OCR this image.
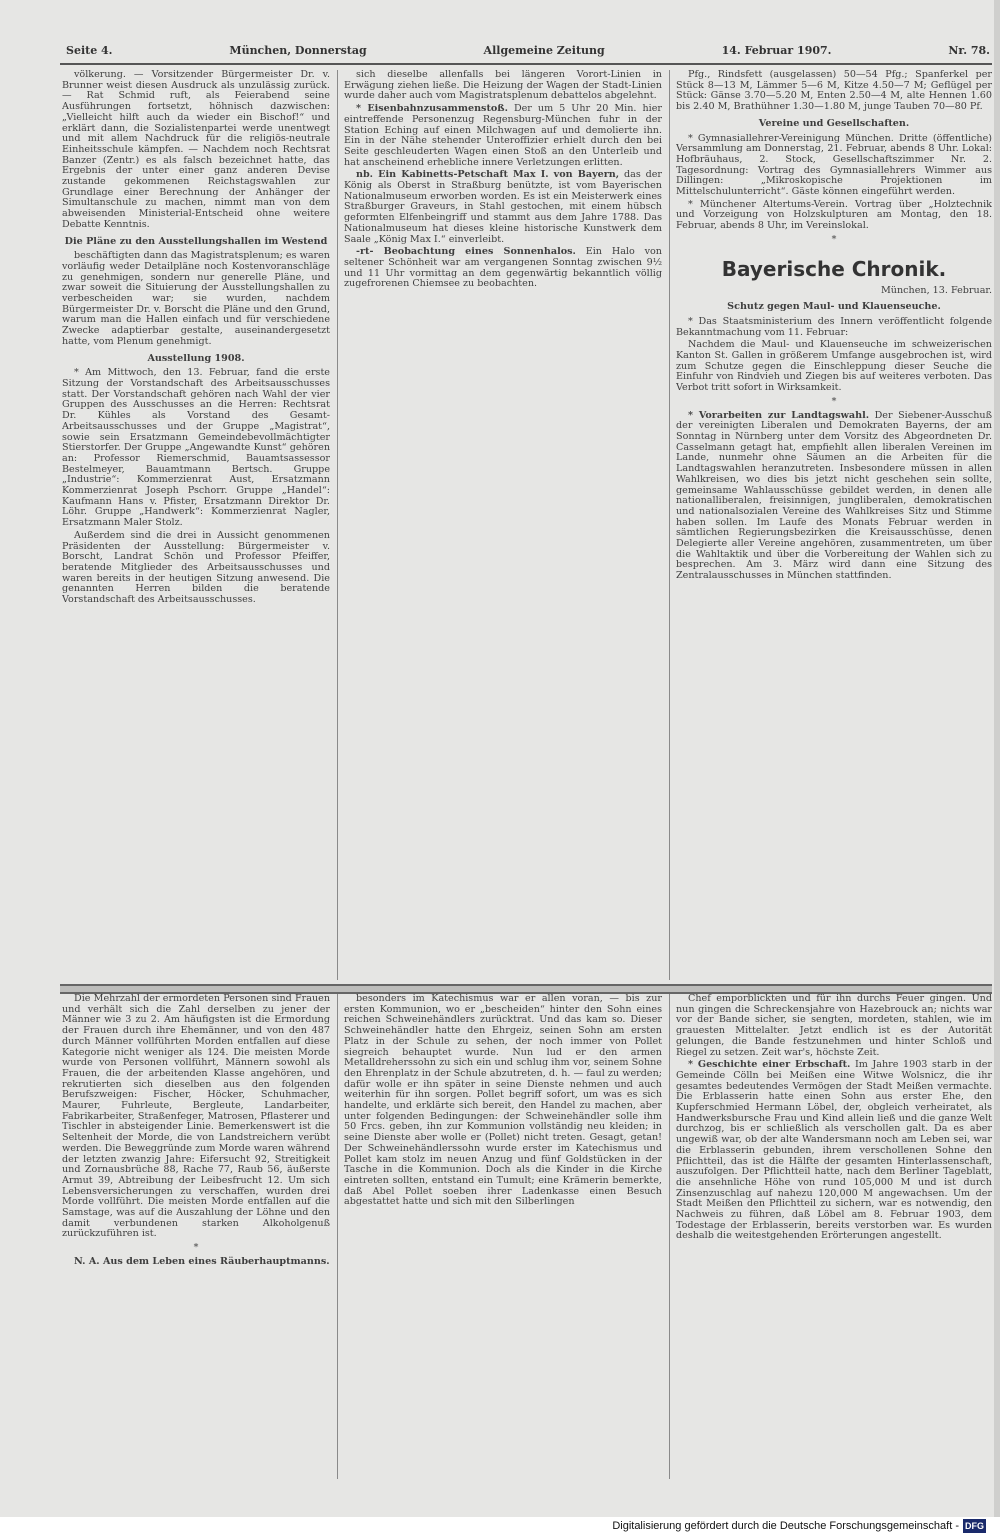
Seite 4.	München, Donnerstag	Allgemeine Zeitung	14. Februar 1907.	Nr. 78.

völkerung. — Vorsitzender Bürgermeister Dr. v. Brunner weist diesen Ausdruck als unzulässig zurück. — Rat Schmid ruft, als Feierabend seine Ausführungen fortsetzt, höhnisch dazwischen: „Vielleicht hilft auch da wieder ein Bischof!“ und erklärt dann, die Sozialistenpartei werde unentwegt und mit allem Nachdruck für die religiös-neutrale Einheitsschule kämpfen. — Nachdem noch Rechtsrat Banzer (Zentr.) es als falsch bezeichnet hatte, das Ergebnis der unter einer ganz anderen Devise zustande gekommenen Reichstagswahlen zur Grundlage einer Berechnung der Anhänger der Simultanschule zu machen, nimmt man von dem abweisenden Ministerial-Entscheid ohne weitere Debatte Kenntnis.

Die Pläne zu den Ausstellungshallen im Westend

beschäftigten dann das Magistratsplenum; es waren vorläufig weder Detailpläne noch Kostenvoranschläge zu genehmigen, sondern nur generelle Pläne, und zwar soweit die Situierung der Ausstellungshallen zu verbescheiden war; sie wurden, nachdem Bürgermeister Dr. v. Borscht die Pläne und den Grund, warum man die Hallen einfach und für verschiedene Zwecke adaptierbar gestalte, auseinandergesetzt hatte, vom Plenum genehmigt.

Ausstellung 1908.

* Am Mittwoch, den 13. Februar, fand die erste Sitzung der Vorstandschaft des Arbeitsausschusses statt. Der Vorstandschaft gehören nach Wahl der vier Gruppen des Ausschusses an die Herren: Rechtsrat Dr. Kühles als Vorstand des Gesamt-Arbeitsausschusses und der Gruppe „Magistrat“, sowie sein Ersatzmann Gemeindebevollmächtigter Stierstorfer. Der Gruppe „Angewandte Kunst“ gehören an: Professor Riemerschmid, Bauamtsassessor Bestelmeyer, Bauamtmann Bertsch. Gruppe „Industrie“: Kommerzienrat Aust, Ersatzmann Kommerzienrat Joseph Pschorr. Gruppe „Handel“: Kaufmann Hans v. Pfister, Ersatzmann Direktor Dr. Löhr. Gruppe „Handwerk“: Kommerzienrat Nagler, Ersatzmann Maler Stolz.

Außerdem sind die drei in Aussicht genommenen Präsidenten der Ausstellung: Bürgermeister v. Borscht, Landrat Schön und Professor Pfeiffer, beratende Mitglieder des Arbeitsausschusses und waren bereits in der heutigen Sitzung anwesend. Die genannten Herren bilden die beratende Vorstandschaft des Arbeitsausschusses.

sich dieselbe allenfalls bei längeren Vorort-Linien in Erwägung ziehen ließe. Die Heizung der Wagen der Stadt-Linien wurde daher auch vom Magistratsplenum debattelos abgelehnt.

* Eisenbahnzusammenstoß. Der um 5 Uhr 20 Min. hier eintreffende Personenzug Regensburg-München fuhr in der Station Eching auf einen Milchwagen auf und demolierte ihn. Ein in der Nähe stehender Unteroffizier erhielt durch den bei Seite geschleuderten Wagen einen Stoß an den Unterleib und hat anscheinend erhebliche innere Verletzungen erlitten.

nb. Ein Kabinetts-Petschaft Max I. von Bayern, das der König als Oberst in Straßburg benützte, ist vom Bayerischen Nationalmuseum erworben worden. Es ist ein Meisterwerk eines Straßburger Graveurs, in Stahl gestochen, mit einem hübsch geformten Elfenbeingriff und stammt aus dem Jahre 1788. Das Nationalmuseum hat dieses kleine historische Kunstwerk dem Saale „König Max I.“ einverleibt.

-rt- Beobachtung eines Sonnenhalos. Ein Halo von seltener Schönheit war am vergangenen Sonntag zwischen 9½ und 11 Uhr vormittag an dem gegenwärtig bekanntlich völlig zugefrorenen Chiemsee zu beobachten.

Pfg., Rindsfett (ausgelassen) 50—54 Pfg.; Spanferkel per Stück 8—13 M, Lämmer 5—6 M, Kitze 4.50—7 M; Geflügel per Stück: Gänse 3.70—5.20 M, Enten 2.50—4 M, alte Hennen 1.60 bis 2.40 M, Brathühner 1.30—1.80 M, junge Tauben 70—80 Pf.

Vereine und Gesellschaften.

* Gymnasiallehrer-Vereinigung München. Dritte (öffentliche) Versammlung am Donnerstag, 21. Februar, abends 8 Uhr. Lokal: Hofbräuhaus, 2. Stock, Gesellschaftszimmer Nr. 2. Tagesordnung: Vortrag des Gymnasiallehrers Wimmer aus Dillingen: „Mikroskopische Projektionen im Mittelschulunterricht“. Gäste können eingeführt werden.

* Münchener Altertums-Verein. Vortrag über „Holztechnik und Vorzeigung von Holzskulpturen am Montag, den 18. Februar, abends 8 Uhr, im Vereinslokal.

*

Bayerische Chronik.

München, 13. Februar.

Schutz gegen Maul- und Klauenseuche.

* Das Staatsministerium des Innern veröffentlicht folgende Bekanntmachung vom 11. Februar:

Nachdem die Maul- und Klauenseuche im schweizerischen Kanton St. Gallen in größerem Umfange ausgebrochen ist, wird zum Schutze gegen die Einschleppung dieser Seuche die Einfuhr von Rindvieh und Ziegen bis auf weiteres verboten. Das Verbot tritt sofort in Wirksamkeit.

*

* Vorarbeiten zur Landtagswahl. Der Siebener-Ausschuß der vereinigten Liberalen und Demokraten Bayerns, der am Sonntag in Nürnberg unter dem Vorsitz des Abgeordneten Dr. Casselmann getagt hat, empfiehlt allen liberalen Vereinen im Lande, nunmehr ohne Säumen an die Arbeiten für die Landtagswahlen heranzutreten. Insbesondere müssen in allen Wahlkreisen, wo dies bis jetzt nicht geschehen sein sollte, gemeinsame Wahlausschüsse gebildet werden, in denen alle nationalliberalen, freisinnigen, jungliberalen, demokratischen und nationalsozialen Vereine des Wahlkreises Sitz und Stimme haben sollen. Im Laufe des Monats Februar werden in sämtlichen Regierungsbezirken die Kreisausschüsse, denen Delegierte aller Vereine angehören, zusammentreten, um über die Wahltaktik und über die Vorbereitung der Wahlen sich zu besprechen. Am 3. März wird dann eine Sitzung des Zentralausschusses in München stattfinden.

Die Mehrzahl der ermordeten Personen sind Frauen und verhält sich die Zahl derselben zu jener der Männer wie 3 zu 2. Am häufigsten ist die Ermordung der Frauen durch ihre Ehemänner, und von den 487 durch Männer vollführten Morden entfallen auf diese Kategorie nicht weniger als 124. Die meisten Morde wurde von Personen vollführt, Männern sowohl als Frauen, die der arbeitenden Klasse angehören, und rekrutierten sich dieselben aus den folgenden Berufszweigen: Fischer, Höcker, Schuhmacher, Maurer, Fuhrleute, Bergleute, Landarbeiter, Fabrikarbeiter, Straßenfeger, Matrosen, Pflasterer und Tischler in absteigender Linie. Bemerkenswert ist die Seltenheit der Morde, die von Landstreichern verübt werden. Die Beweggründe zum Morde waren während der letzten zwanzig Jahre: Eifersucht 92, Streitigkeit und Zornausbrüche 88, Rache 77, Raub 56, äußerste Armut 39, Abtreibung der Leibesfrucht 12. Um sich Lebensversicherungen zu verschaffen, wurden drei Morde vollführt. Die meisten Morde entfallen auf die Samstage, was auf die Auszahlung der Löhne und den damit verbundenen starken Alkoholgenuß zurückzuführen ist.

*

N. A. Aus dem Leben eines Räuberhauptmanns.

besonders im Katechismus war er allen voran, — bis zur ersten Kommunion, wo er „bescheiden“ hinter den Sohn eines reichen Schweinehändlers zurücktrat. Und das kam so. Dieser Schweinehändler hatte den Ehrgeiz, seinen Sohn am ersten Platz in der Schule zu sehen, der noch immer von Pollet siegreich behauptet wurde. Nun lud er den armen Metalldreherssohn zu sich ein und schlug ihm vor, seinem Sohne den Ehrenplatz in der Schule abzutreten, d. h. — faul zu werden; dafür wolle er ihn später in seine Dienste nehmen und auch weiterhin für ihn sorgen. Pollet begriff sofort, um was es sich handelte, und erklärte sich bereit, den Handel zu machen, aber unter folgenden Bedingungen: der Schweinehändler solle ihm 50 Frcs. geben, ihn zur Kommunion vollständig neu kleiden; in seine Dienste aber wolle er (Pollet) nicht treten. Gesagt, getan! Der Schweinehändlerssohn wurde erster im Katechismus und Pollet kam stolz im neuen Anzug und fünf Goldstücken in der Tasche in die Kommunion. Doch als die Kinder in die Kirche eintreten sollten, entstand ein Tumult; eine Krämerin bemerkte, daß Abel Pollet soeben ihrer Ladenkasse einen Besuch abgestattet hatte und sich mit den Silberlingen

Chef emporblickten und für ihn durchs Feuer gingen. Und nun gingen die Schreckensjahre von Hazebrouck an; nichts war vor der Bande sicher, sie sengten, mordeten, stahlen, wie im grauesten Mittelalter. Jetzt endlich ist es der Autorität gelungen, die Bande festzunehmen und hinter Schloß und Riegel zu setzen. Zeit war's, höchste Zeit.

* Geschichte einer Erbschaft. Im Jahre 1903 starb in der Gemeinde Cölln bei Meißen eine Witwe Wolsnicz, die ihr gesamtes bedeutendes Vermögen der Stadt Meißen vermachte. Die Erblasserin hatte einen Sohn aus erster Ehe, den Kupferschmied Hermann Löbel, der, obgleich verheiratet, als Handwerksbursche Frau und Kind allein ließ und die ganze Welt durchzog, bis er schließlich als verschollen galt. Da es aber ungewiß war, ob der alte Wandersmann noch am Leben sei, war die Erblasserin gebunden, ihrem verschollenen Sohne den Pflichtteil, das ist die Hälfte der gesamten Hinterlassenschaft, auszufolgen. Der Pflichtteil hatte, nach dem Berliner Tageblatt, die ansehnliche Höhe von rund 105,000 M und ist durch Zinsenzuschlag auf nahezu 120,000 M angewachsen. Um der Stadt Meißen den Pflichtteil zu sichern, war es notwendig, den Nachweis zu führen, daß Löbel am 8. Februar 1903, dem Todestage der Erblasserin, bereits verstorben war. Es wurden deshalb die weitestgehenden Erörterungen angestellt.

Digitalisierung gefördert durch die Deutsche Forschungsgemeinschaft - DFG
